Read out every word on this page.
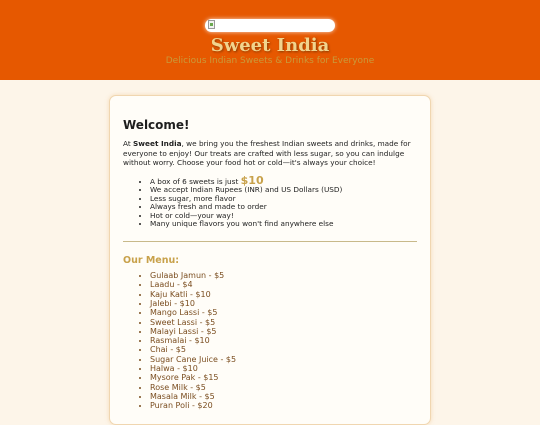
Sweet India

Delicious Indian Sweets & Drinks for Everyone

Welcome!

At Sweet India, we bring you the freshest Indian sweets and drinks, made for everyone to enjoy! Our treats are crafted with less sugar, so you can indulge without worry. Choose your food hot or cold—it's always your choice!

• A box of 6 sweets is just $10
• We accept Indian Rupees (INR) and US Dollars (USD)
• Less sugar, more flavor
• Always fresh and made to order
• Hot or cold—your way!
• Many unique flavors you won't find anywhere else
Our Menu:
• Gulaab Jamun - $5
• Laadu - $4
• Kaju Katli - $10
• Jalebi - $10
• Mango Lassi - $5
• Sweet Lassi - $5
• Malayi Lassi - $5
• Rasmalai - $10
• Chai - $5
• Sugar Cane Juice - $5
• Halwa - $10
• Mysore Pak - $15
• Rose Milk - $5
• Masala Milk - $5
• Puran Poli - $20
